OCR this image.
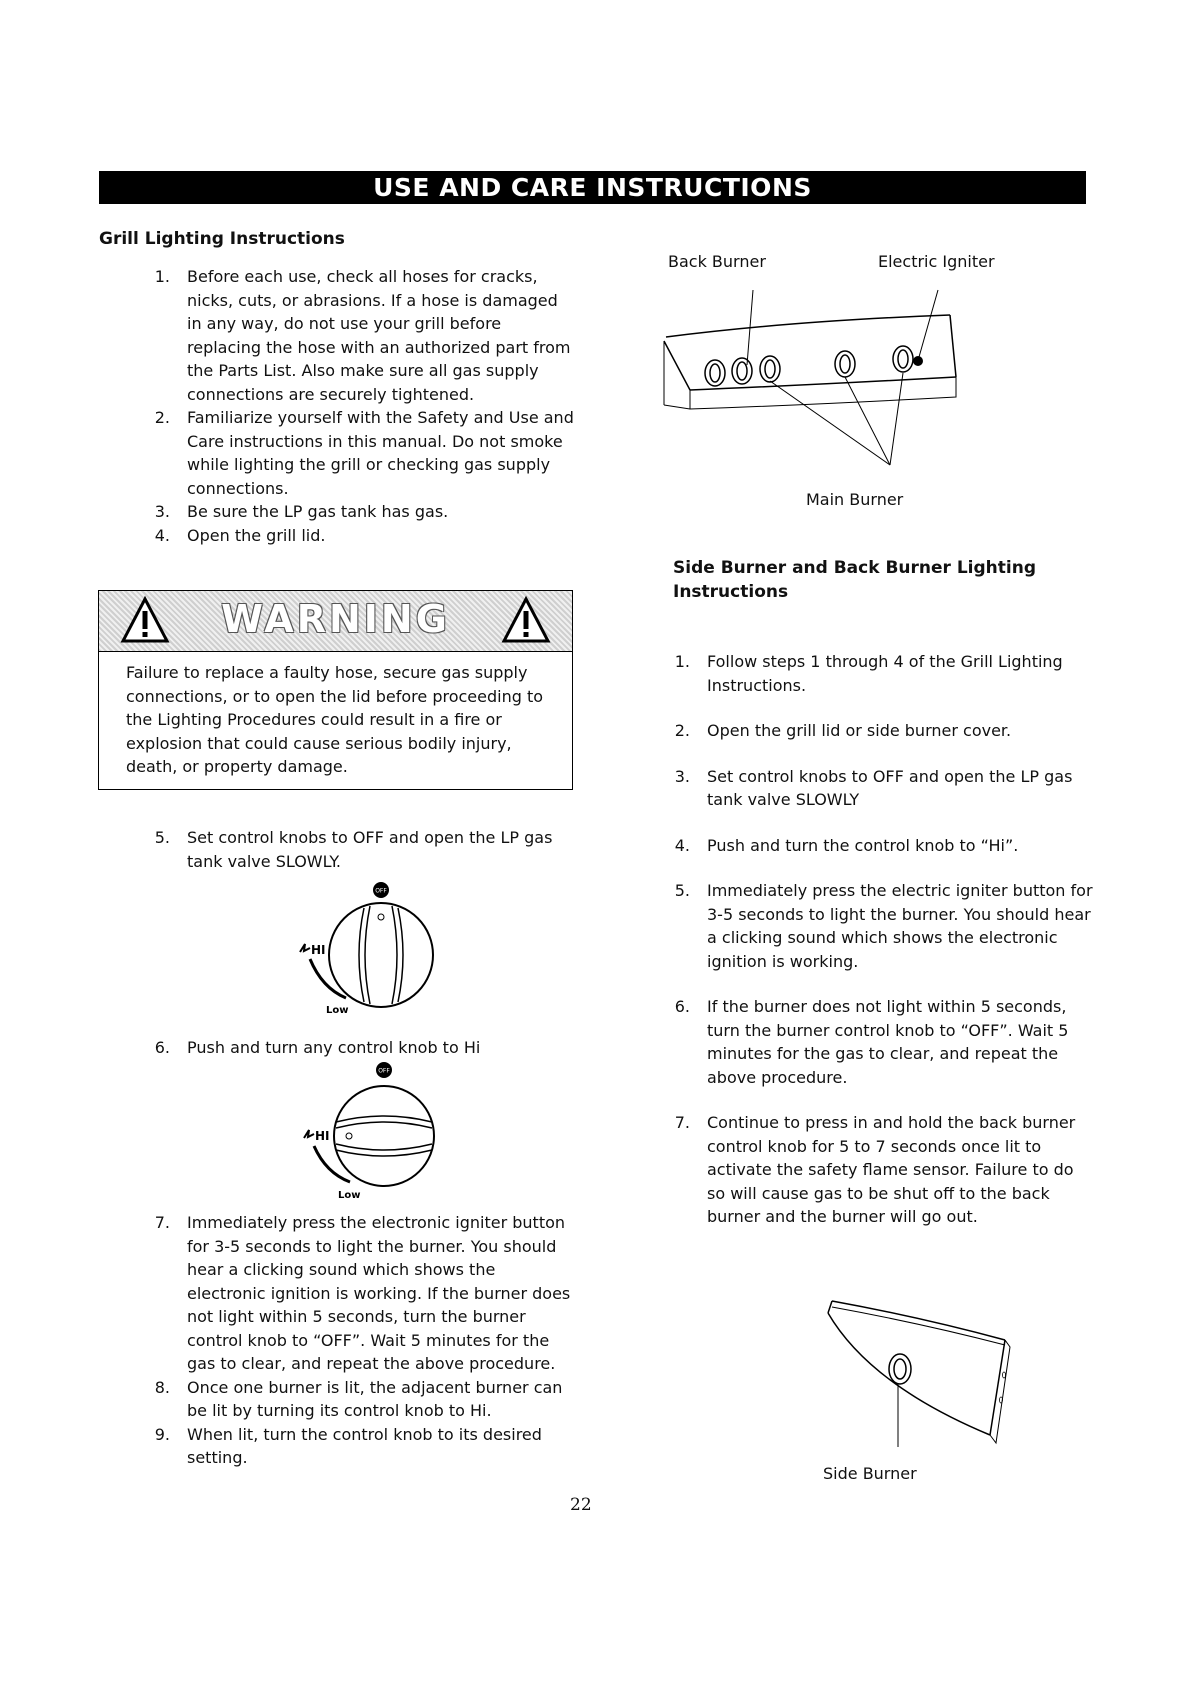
USE AND CARE INSTRUCTIONS
Grill Lighting Instructions
1. Before each use, check all hoses for cracks, nicks, cuts, or abrasions. If a hose is damaged in any way, do not use your grill before replacing the hose with an authorized part from the Parts List. Also make sure all gas supply connections are securely tightened.
2. Familiarize yourself with the Safety and Use and Care instructions in this manual. Do not smoke while lighting the grill or checking gas supply connections.
3. Be sure the LP gas tank has gas.
4. Open the grill lid.
WARNING
Failure to replace a faulty hose, secure gas supply connections, or to open the lid before proceeding to the Lighting Procedures could result in a fire or explosion that could cause serious bodily injury, death, or property damage.
5. Set control knobs to OFF and open the LP gas tank valve SLOWLY.
OFF
HI
Low
6. Push and turn any control knob to Hi
OFF
HI
Low
7. Immediately press the electronic igniter button for 3-5 seconds to light the burner. You should hear a clicking sound which shows the electronic ignition is working. If the burner does not light within 5 seconds, turn the burner control knob to “OFF”. Wait 5 minutes for the gas to clear, and repeat the above procedure.
8. Once one burner is lit, the adjacent burner can be lit by turning its control knob to Hi.
9. When lit, turn the control knob to its desired setting.
Back Burner	Electric Igniter
Main Burner
Side Burner and Back Burner Lighting Instructions
1. Follow steps 1 through 4 of the Grill Lighting Instructions.
2. Open the grill lid or side burner cover.
3. Set control knobs to OFF and open the LP gas tank valve SLOWLY
4. Push and turn the control knob to “Hi”.
5. Immediately press the electric igniter button for 3-5 seconds to light the burner. You should hear a clicking sound which shows the electronic ignition is working.
6. If the burner does not light within 5 seconds, turn the burner control knob to “OFF”. Wait 5 minutes for the gas to clear, and repeat the above procedure.
7. Continue to press in and hold the back burner control knob for 5 to 7 seconds once lit to activate the safety flame sensor. Failure to do so will cause gas to be shut off to the back burner and the burner will go out.
Side Burner
22
